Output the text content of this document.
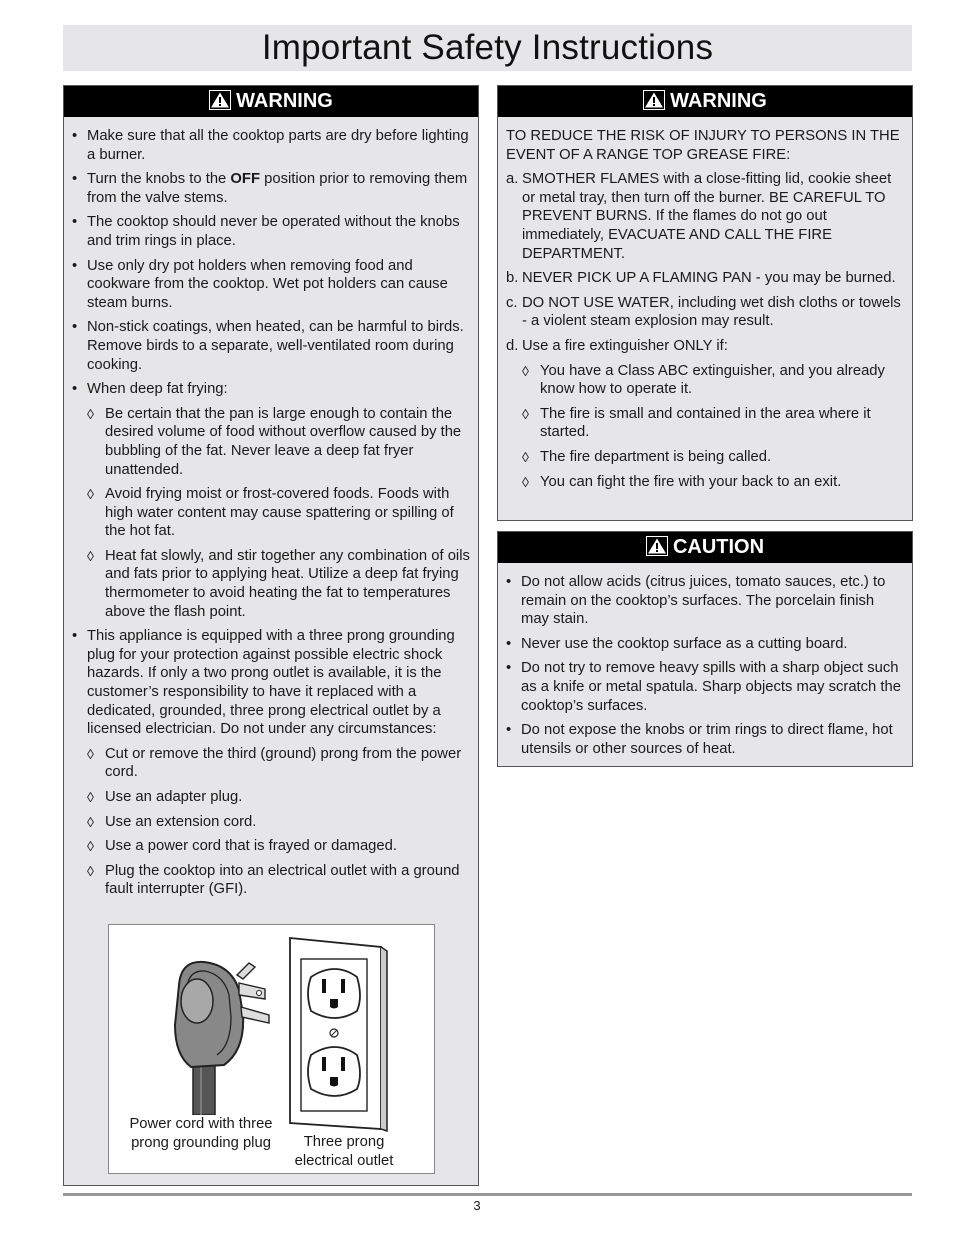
Important Safety Instructions
WARNING
• Make sure that all the cooktop parts are dry before lighting a burner.
• Turn the knobs to the OFF position prior to removing them from the valve stems.
• The cooktop should never be operated without the knobs and trim rings in place.
• Use only dry pot holders when removing food and cookware from the cooktop. Wet pot holders can cause steam burns.
• Non-stick coatings, when heated, can be harmful to birds. Remove birds to a separate, well-ventilated room during cooking.
• When deep fat frying:
◊ Be certain that the pan is large enough to contain the desired volume of food without overflow caused by the bubbling of the fat. Never leave a deep fat fryer unattended.
◊ Avoid frying moist or frost-covered foods. Foods with high water content may cause spattering or spilling of the hot fat.
◊ Heat fat slowly, and stir together any combination of oils and fats prior to applying heat. Utilize a deep fat frying thermometer to avoid heating the fat to temperatures above the flash point.
• This appliance is equipped with a three prong grounding plug for your protection against possible electric shock hazards. If only a two prong outlet is available, it is the customer’s responsibility to have it replaced with a dedicated, grounded, three prong electrical outlet by a licensed electrician. Do not under any circumstances:
◊ Cut or remove the third (ground) prong from the power cord.
◊ Use an adapter plug.
◊ Use an extension cord.
◊ Use a power cord that is frayed or damaged.
◊ Plug the cooktop into an electrical outlet with a ground fault interrupter (GFI).
Power cord with three prong grounding plug	Three prong electrical outlet
WARNING

TO REDUCE THE RISK OF INJURY TO PERSONS IN THE EVENT OF A RANGE TOP GREASE FIRE:

a. SMOTHER FLAMES with a close-fitting lid, cookie sheet or metal tray, then turn off the burner. BE CAREFUL TO PREVENT BURNS. If the flames do not go out immediately, EVACUATE AND CALL THE FIRE DEPARTMENT.
b. NEVER PICK UP A FLAMING PAN - you may be burned.
c. DO NOT USE WATER, including wet dish cloths or towels - a violent steam explosion may result.
d. Use a fire extinguisher ONLY if:
◊ You have a Class ABC extinguisher, and you already know how to operate it.
◊ The fire is small and contained in the area where it started.
◊ The fire department is being called.
◊ You can fight the fire with your back to an exit.
CAUTION
• Do not allow acids (citrus juices, tomato sauces, etc.) to remain on the cooktop’s surfaces. The porcelain finish may stain.
• Never use the cooktop surface as a cutting board.
• Do not try to remove heavy spills with a sharp object such as a knife or metal spatula. Sharp objects may scratch the cooktop’s surfaces.
• Do not expose the knobs or trim rings to direct flame, hot utensils or other sources of heat.
3
